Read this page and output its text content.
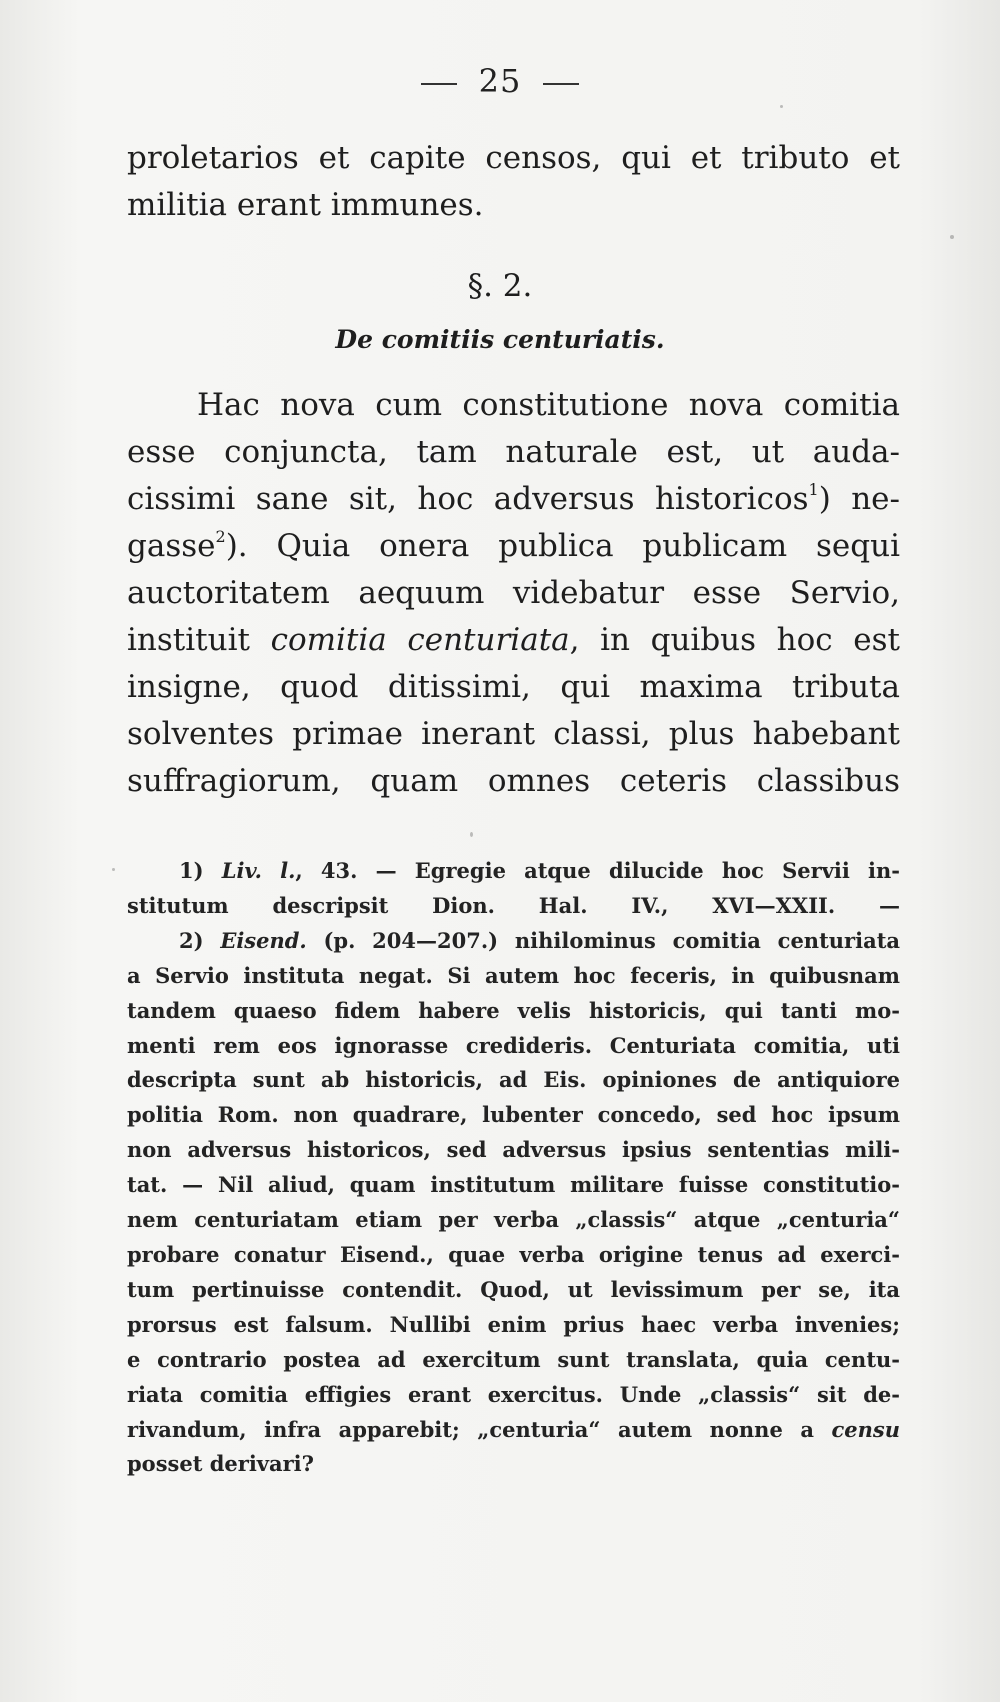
25
proletarios et capite censos, qui et tributo et
militia erant immunes.
§. 2.
De comitiis centuriatis.
Hac nova cum constitutione nova comitia
esse conjuncta, tam naturale est, ut auda-
cissimi sane sit, hoc adversus historicos$^1$) ne-
gasse$^2$). Quia onera publica publicam sequi
auctoritatem aequum videbatur esse Servio,
instituit comitia centuriata, in quibus hoc est
insigne, quod ditissimi, qui maxima tributa
solventes primae inerant classi, plus habebant
suffragiorum, quam omnes ceteris classibus
1) Liv. l., 43. — Egregie atque dilucide hoc Servii in-
stitutum descripsit Dion. Hal. IV., XVI—XXII. —
2) Eisend. (p. 204—207.) nihilominus comitia centuriata
a Servio instituta negat. Si autem hoc feceris, in quibusnam
tandem quaeso fidem habere velis historicis, qui tanti mo-
menti rem eos ignorasse credideris. Centuriata comitia, uti
descripta sunt ab historicis, ad Eis. opiniones de antiquiore
politia Rom. non quadrare, lubenter concedo, sed hoc ipsum
non adversus historicos, sed adversus ipsius sententias mili-
tat. — Nil aliud, quam institutum militare fuisse constitutio-
nem centuriatam etiam per verba „classis“ atque „centuria“
probare conatur Eisend., quae verba origine tenus ad exerci-
tum pertinuisse contendit. Quod, ut levissimum per se, ita
prorsus est falsum. Nullibi enim prius haec verba invenies;
e contrario postea ad exercitum sunt translata, quia centu-
riata comitia effigies erant exercitus. Unde „classis“ sit de-
rivandum, infra apparebit; „centuria“ autem nonne a censu
posset derivari?
